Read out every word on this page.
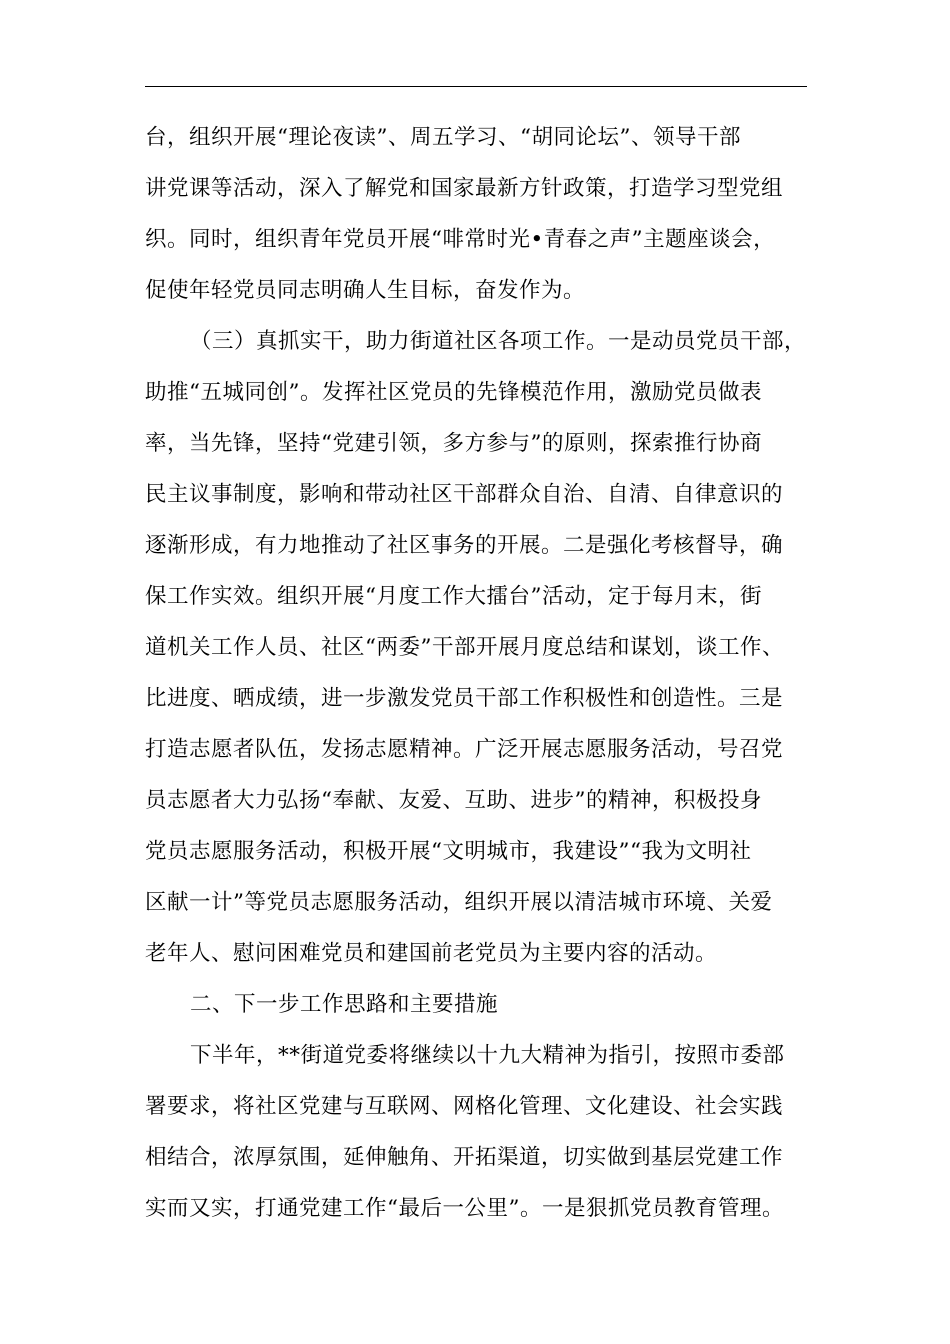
台，组织开展“理论夜读”、周五学习、“胡同论坛”、领导干部
讲党课等活动，深入了解党和国家最新方针政策，打造学习型党组
织。同时，组织青年党员开展“啡常时光•青春之声”主题座谈会，
促使年轻党员同志明确人生目标，奋发作为。
（三）真抓实干，助力街道社区各项工作。一是动员党员干部，
助推“五城同创”。发挥社区党员的先锋模范作用，激励党员做表
率，当先锋，坚持“党建引领，多方参与”的原则，探索推行协商
民主议事制度，影响和带动社区干部群众自治、自清、自律意识的
逐渐形成，有力地推动了社区事务的开展。二是强化考核督导，确
保工作实效。组织开展“月度工作大擂台”活动，定于每月末，街
道机关工作人员、社区“两委”干部开展月度总结和谋划，谈工作、
比进度、晒成绩，进一步激发党员干部工作积极性和创造性。三是
打造志愿者队伍，发扬志愿精神。广泛开展志愿服务活动，号召党
员志愿者大力弘扬“奉献、友爱、互助、进步”的精神，积极投身
党员志愿服务活动，积极开展“文明城市，我建设”“我为文明社
区献一计”等党员志愿服务活动，组织开展以清洁城市环境、关爱
老年人、慰问困难党员和建国前老党员为主要内容的活动。
二、下一步工作思路和主要措施
下半年，**街道党委将继续以十九大精神为指引，按照市委部
署要求，将社区党建与互联网、网格化管理、文化建设、社会实践
相结合，浓厚氛围，延伸触角、开拓渠道，切实做到基层党建工作
实而又实，打通党建工作“最后一公里”。一是狠抓党员教育管理。
